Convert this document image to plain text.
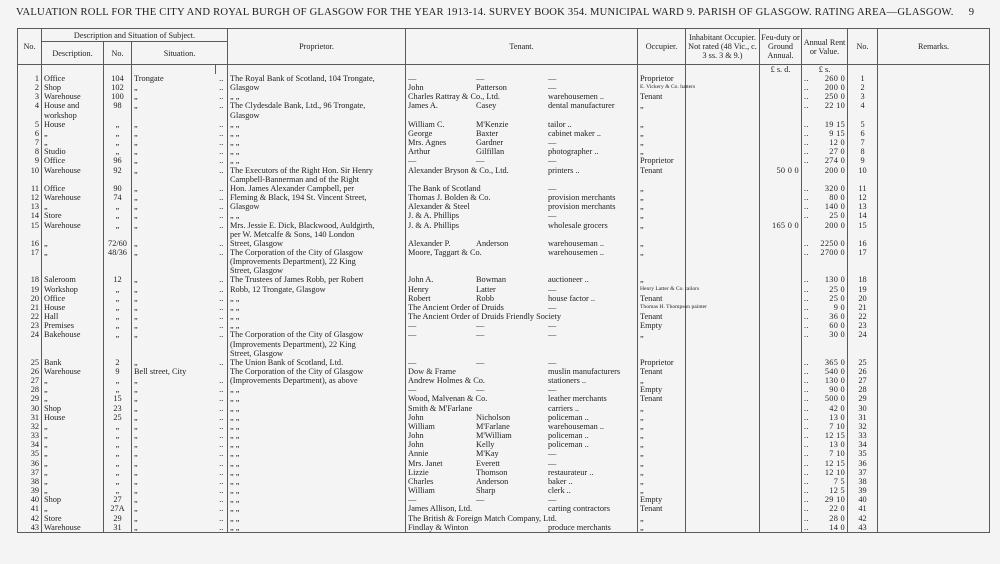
VALUATION ROLL FOR THE CITY AND ROYAL BURGH OF GLASGOW FOR THE YEAR 1913-14. SURVEY BOOK 354. MUNICIPAL WARD 9. PARISH OF GLASGOW. RATING AREA—GLASGOW. 9
No.	Description and Situation of Subject.				Proprietor.	Tenant.	Occupier.	Inhabitant Occupier. Not rated (48 Vic., c. 3 ss. 3 & 9.)	Feu-duty or Ground Annual.	Annual Rent or Value.	No.	Remarks.
	Description.	No.	Situation.									
									£ s. d.	£ s.		
1	Office	104	Trongate	..	The Royal Bank of Scotland, 104 Trongate,	— — —	Proprietor			.. 260 0	1	
2	Shop	102	„	..	Glasgow	John Patterson —	E. Vickery & Co. hatters			.. 200 0	2	
3	Warehouse	100	„	..	„ „	Charles Rattray & Co., Ltd. warehousemen ..	Tenant			.. 250 0	3	
4	House and	98	„	..	The Clydesdale Bank, Ltd., 96 Trongate,	James A. Casey dental manufacturer	„			.. 22 10	4	
	workshop				Glasgow	

5	House	„	„	..	„ „	William C. M'Kenzie tailor ..	„			.. 19 15	5	
6	„	„	„	..	„ „	George Baxter cabinet maker ..	„			.. 9 15	6	
7	„	„	„	..	„ „	Mrs. Agnes Gardner —	„			.. 12 0	7	
8	Studio	„	„	..	„ „	Arthur Gilfillan photographer ..	„			.. 27 0	8	
9	Office	96	„	..	„ „	— — —	Proprietor			.. 274 0	9	
10	Warehouse	92	„	..	The Executors of the Right Hon. Sir Henry	Alexander Bryson & Co., Ltd. printers ..	Tenant		50 0 0	200 0	10	
					Campbell-Bannerman and of the Right	

11	Office	90	„	..	Hon. James Alexander Campbell, per	The Bank of Scotland —	„			.. 320 0	11	
12	Warehouse	74	„	..	Fleming & Black, 194 St. Vincent Street,	Thomas J. Bolden & Co. provision merchants	„			.. 80 0	12	
13	„	„	„	..	Glasgow	Alexander & Steel provision merchants	„			.. 140 0	13	
14	Store	„	„	..	„ „	J. & A. Phillips —	„			.. 25 0	14	
15	Warehouse	„	„	..	Mrs. Jessie E. Dick, Blackwood, Auldgirth,	J. & A. Phillips wholesale grocers	„		165 0 0	200 0	15	
					per W. Metcalfe & Sons, 140 London	

16	„	72/60	„	..	Street, Glasgow	Alexander P. Anderson warehouseman ..	„			.. 2250 0	16	
17	„	48/36	„	..	The Corporation of the City of Glasgow	Moore, Taggart & Co. warehousemen ..	„			.. 2700 0	17	
					(Improvements Department), 22 King	

					Street, Glasgow	

18	Saleroom	12	„	..	The Trustees of James Robb, per Robert	John A. Bowman auctioneer ..	„			.. 130 0	18	
19	Workshop	„	„	..	Robb, 12 Trongate, Glasgow	Henry Latter —	Henry Latter & Co. tailors			.. 25 0	19	
20	Office	„	„	..	„ „	Robert Robb house factor ..	Tenant			.. 25 0	20	
21	House	„	„	..	„ „	The Ancient Order of Druids —	Thomas H. Thompson painter			.. 9 0	21	
22	Hall	„	„	..	„ „	The Ancient Order of Druids Friendly Society	Tenant			.. 36 0	22	
23	Premises	„	„	..	„ „	— — —	Empty			.. 60 0	23	
24	Bakehouse	„	„	..	The Corporation of the City of Glasgow	— — —	„			.. 30 0	24	
					(Improvements Department), 22 King	

					Street, Glasgow	

25	Bank	2	„	..	The Union Bank of Scotland, Ltd.	— — —	Proprietor			.. 365 0	25	
26	Warehouse	9	Bell street, City		The Corporation of the City of Glasgow	Dow & Frame muslin manufacturers	Tenant			.. 540 0	26	
27	„	„	„	..	(Improvements Department), as above	Andrew Holmes & Co. stationers ..	„			.. 130 0	27	
28	„	„	„	..	„ „	— — —	Empty			.. 90 0	28	
29	„	15	„	..	„ „	Wood, Malvenan & Co. leather merchants	Tenant			.. 500 0	29	
30	Shop	23	„	..	„ „	Smith & M'Farlane carriers ..	„			.. 42 0	30	
31	House	25	„	..	„ „	John Nicholson policeman ..	„			.. 13 0	31	
32	„	„	„	..	„ „	William M'Farlane warehouseman ..	„			.. 7 10	32	
33	„	„	„	..	„ „	John M'William policeman ..	„			.. 12 15	33	
34	„	„	„	..	„ „	John Kelly policeman ..	„			.. 13 0	34	
35	„	„	„	..	„ „	Annie M'Kay —	„			.. 7 10	35	
36	„	„	„	..	„ „	Mrs. Janet Everett —	„			.. 12 15	36	
37	„	„	„	..	„ „	Lizzie Thomson restaurateur ..	„			.. 12 10	37	
38	„	„	„	..	„ „	Charles Anderson baker ..	„			.. 7 5	38	
39	„	„	„	..	„ „	William Sharp clerk ..	„			.. 12 5	39	
40	Shop	27	„	..	„ „	— — —	Empty			.. 29 10	40	
41	„	27A	„	..	„ „	James Allison, Ltd. carting contractors	Tenant			.. 22 0	41	
42	Store	29	„	..	„ „	The British & Foreign Match Company, Ltd.	„			.. 28 0	42	
43	Warehouse	31	„	..	„ „	Findlay & Winton produce merchants	„			.. 14 0	43	
